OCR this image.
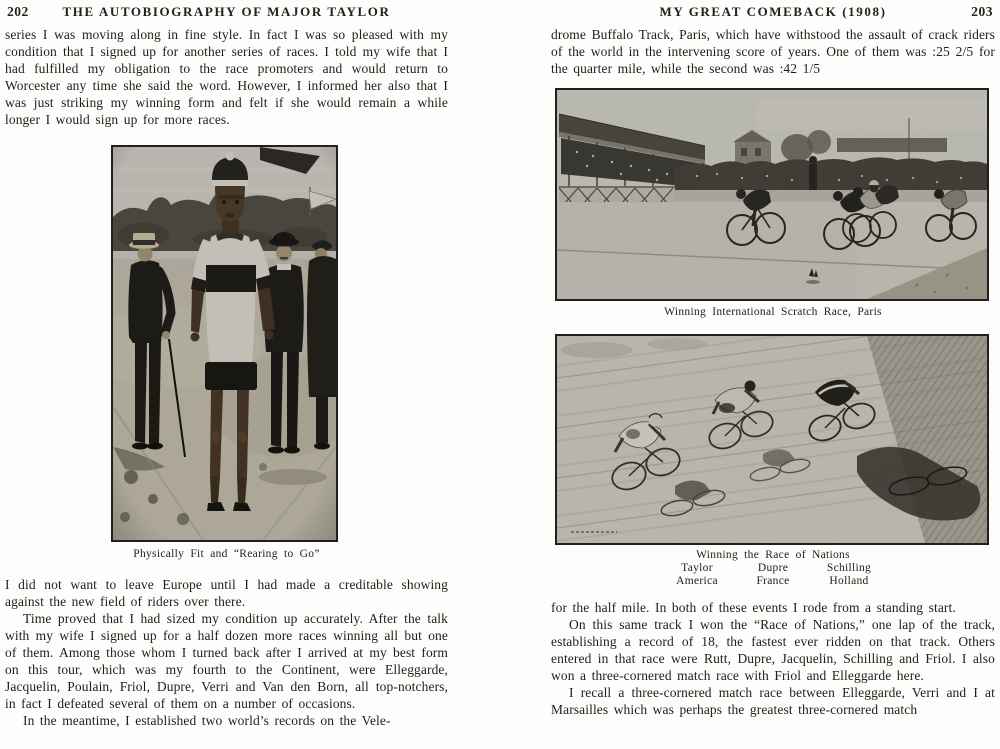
202	THE AUTOBIOGRAPHY OF MAJOR TAYLOR

series I was moving along in fine style. In fact I was so pleased with my condition that I signed up for another series of races. I told my wife that I had fulfilled my obligation to the race promoters and would return to Worcester any time she said the word. However, I informed her also that I was just striking my winning form and felt if she would remain a while longer I would sign up for more races.

Physically Fit and “Rearing to Go”

I did not want to leave Europe until I had made a creditable showing against the new field of riders over there.

Time proved that I had sized my condition up accurately. After the talk with my wife I signed up for a half dozen more races winning all but one of them. Among those whom I turned back after I arrived at my best form on this tour, which was my fourth to the Continent, were Elleggarde, Jacquelin, Poulain, Friol, Dupre, Verri and Van den Born, all top-notchers, in fact I defeated several of them on a number of occasions.

In the meantime, I established two world’s records on the Vele-

MY GREAT COMEBACK (1908)	203

drome Buffalo Track, Paris, which have withstood the assault of crack riders of the world in the intervening score of years. One of them was :25 2/5 for the quarter mile, while the second was :42 1/5

Winning International Scratch Race, Paris
Winning the Race of Nations
Taylor	Dupre	Schilling
America	France	Holland

for the half mile. In both of these events I rode from a standing start.

On this same track I won the “Race of Nations,” one lap of the track, establishing a record of 18, the fastest ever ridden on that track. Others entered in that race were Rutt, Dupre, Jacquelin, Schilling and Friol. I also won a three-cornered match race with Friol and Elleggarde here.

I recall a three-cornered match race between Elleggarde, Verri and I at Marsailles which was perhaps the greatest three-cornered match
